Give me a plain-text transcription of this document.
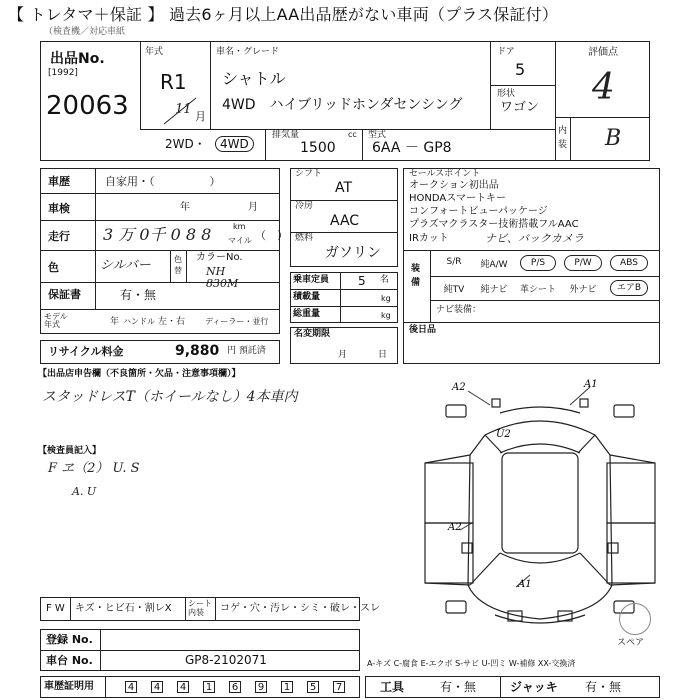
【 トレタマ＋保証 】 過去6ヶ月以上AA出品歴がない車両（プラス保証付）
（検査機／対応車紙
出品No.
[1992]
20063
年式
R1
11 月
車名・グレード
シャトル
4WD　ハイブリッドホンダセンシング
ドア
5
形状
ワゴン
評価点
4
内装 B
2WD・	4WD
排気量
1500
cc 型式
6AA － GP8
車歴	自家用・（　　　　　）
車検	年	月
走行 3 万 0千 0 8 8	km
マイル （　）
色	シルバー	色替
カラーNo.
NH
830M
保証書	有・無
モデル年式	年 ハンドル 左・右 ディーラー・並行
リサイクル料金	9,880 円 預託済
シフト
AT
冷房
AAC
燃料
ガソリン
乗車定員 5 名
積載量	kg
総重量	kg
名変期限
月	日
セールスポイント
オークション初出品
HONDAスマートキー
コンフォートビューパッケージ
プラズマクラスター技術搭載フルAAC
IRカット	ナビ、バックカメラ
装備
S/R	純A/W	P/S	P/W	ABS
純TV	純ナビ	革シート	外ナビ	エアB
ナビ装備：
後日品
【出品店申告欄（不良箇所・欠品・注意事項欄）】
スタッドレスT（ホイールなし）4本車内
【検査員記入】
F ヱ（2） U. S
A. U
A2	A1
U2
A2
A1
スペア
A-キズ C-腐食 E-エクボ S-サビ U-凹ミ W-補修 XX-交換済
F W キズ・ヒビ石・割レX シート内装	コゲ・穴・汚レ・シミ・破レ・スレ
登録 No.
車台 No.	GP8-2102071
車歴証明用
	4 4 4 1 6 9 1 5 7	工具	有・無	ジャッキ 有・無
